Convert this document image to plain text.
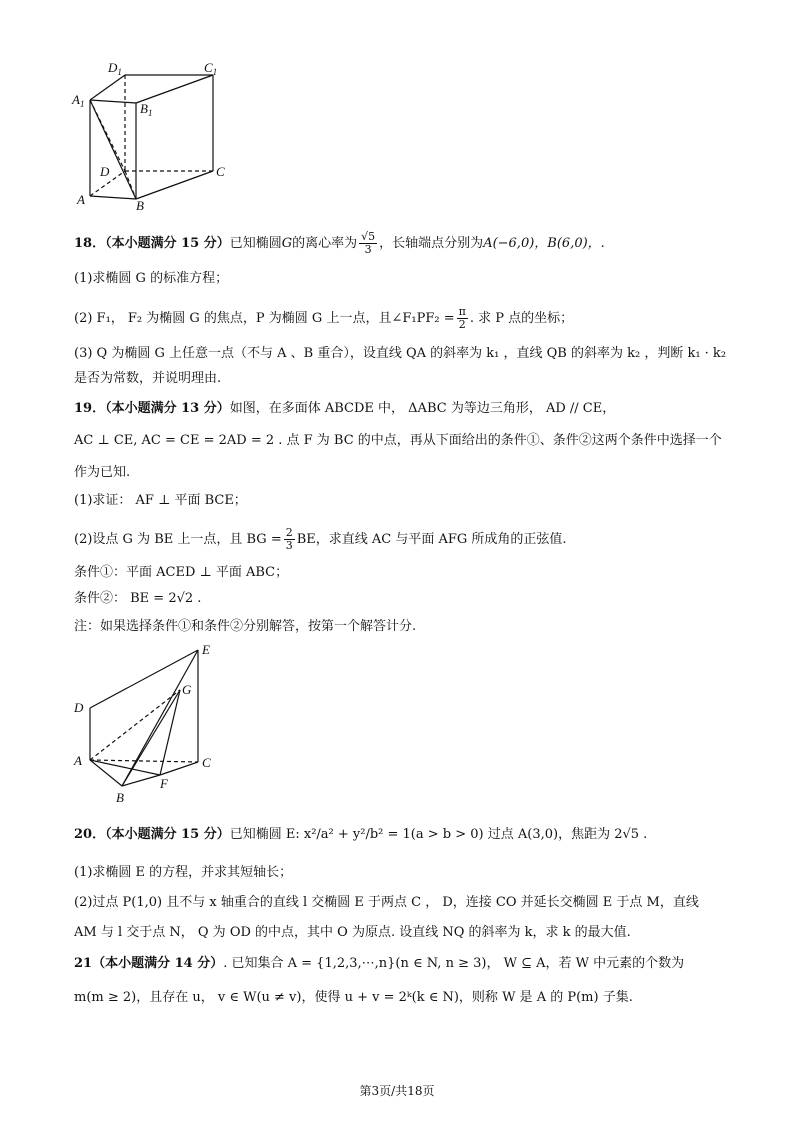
$D_1$	$C_1$
$A_1$	$B_1$
D	C
A	B
18．（本小题满分 15 分）已知椭圆G的离心率为 $\frac{√5}{3}$ ，长轴端点分别为A(−6,0)，B(6,0)，.
(1)求椭圆 G 的标准方程；
(2) F₁， F₂ 为椭圆 G 的焦点，P 为椭圆 G 上一点，且∠F₁PF₂ = $\frac{\pi}{2}$ . 求 P 点的坐标；
(3) Q 为椭圆 G 上任意一点（不与 A 、B 重合），设直线 QA 的斜率为 k₁ ，直线 QB 的斜率为 k₂ ，判断 k₁ · k₂
是否为常数，并说明理由.
19．（本小题满分 13 分）如图，在多面体 ABCDE 中， ΔABC 为等边三角形， AD // CE，
AC ⊥ CE, AC = CE = 2AD = 2 . 点 F 为 BC 的中点，再从下面给出的条件①、条件②这两个条件中选择一个
作为已知.
(1)求证： AF ⊥ 平面 BCE；
(2)设点 G 为 BE 上一点，且 BG = $\frac{2}{3}$ BE，求直线 AC 与平面 AFG 所成角的正弦值.
条件①：平面 ACED ⊥ 平面 ABC；
条件②： BE = 2√2 .
注：如果选择条件①和条件②分别解答，按第一个解答计分.
E
G
D
A	C
F
B
20．（本小题满分 15 分）已知椭圆 E: x²/a² + y²/b² = 1(a > b > 0) 过点 A(3,0)，焦距为 2√5 .
(1)求椭圆 E 的方程，并求其短轴长；
(2)过点 P(1,0) 且不与 x 轴重合的直线 l 交椭圆 E 于两点 C ， D，连接 CO 并延长交椭圆 E 于点 M，直线
AM 与 l 交于点 N， Q 为 OD 的中点，其中 O 为原点. 设直线 NQ 的斜率为 k，求 k 的最大值.
21（本小题满分 14 分）. 已知集合 A = {1,2,3,⋯,n}(n ∈ N, n ≥ 3)， W ⊆ A，若 W 中元素的个数为
m(m ≥ 2)，且存在 u， v ∈ W(u ≠ v)，使得 u + v = 2ᵏ(k ∈ N)，则称 W 是 A 的 P(m) 子集.
第3页/共18页
